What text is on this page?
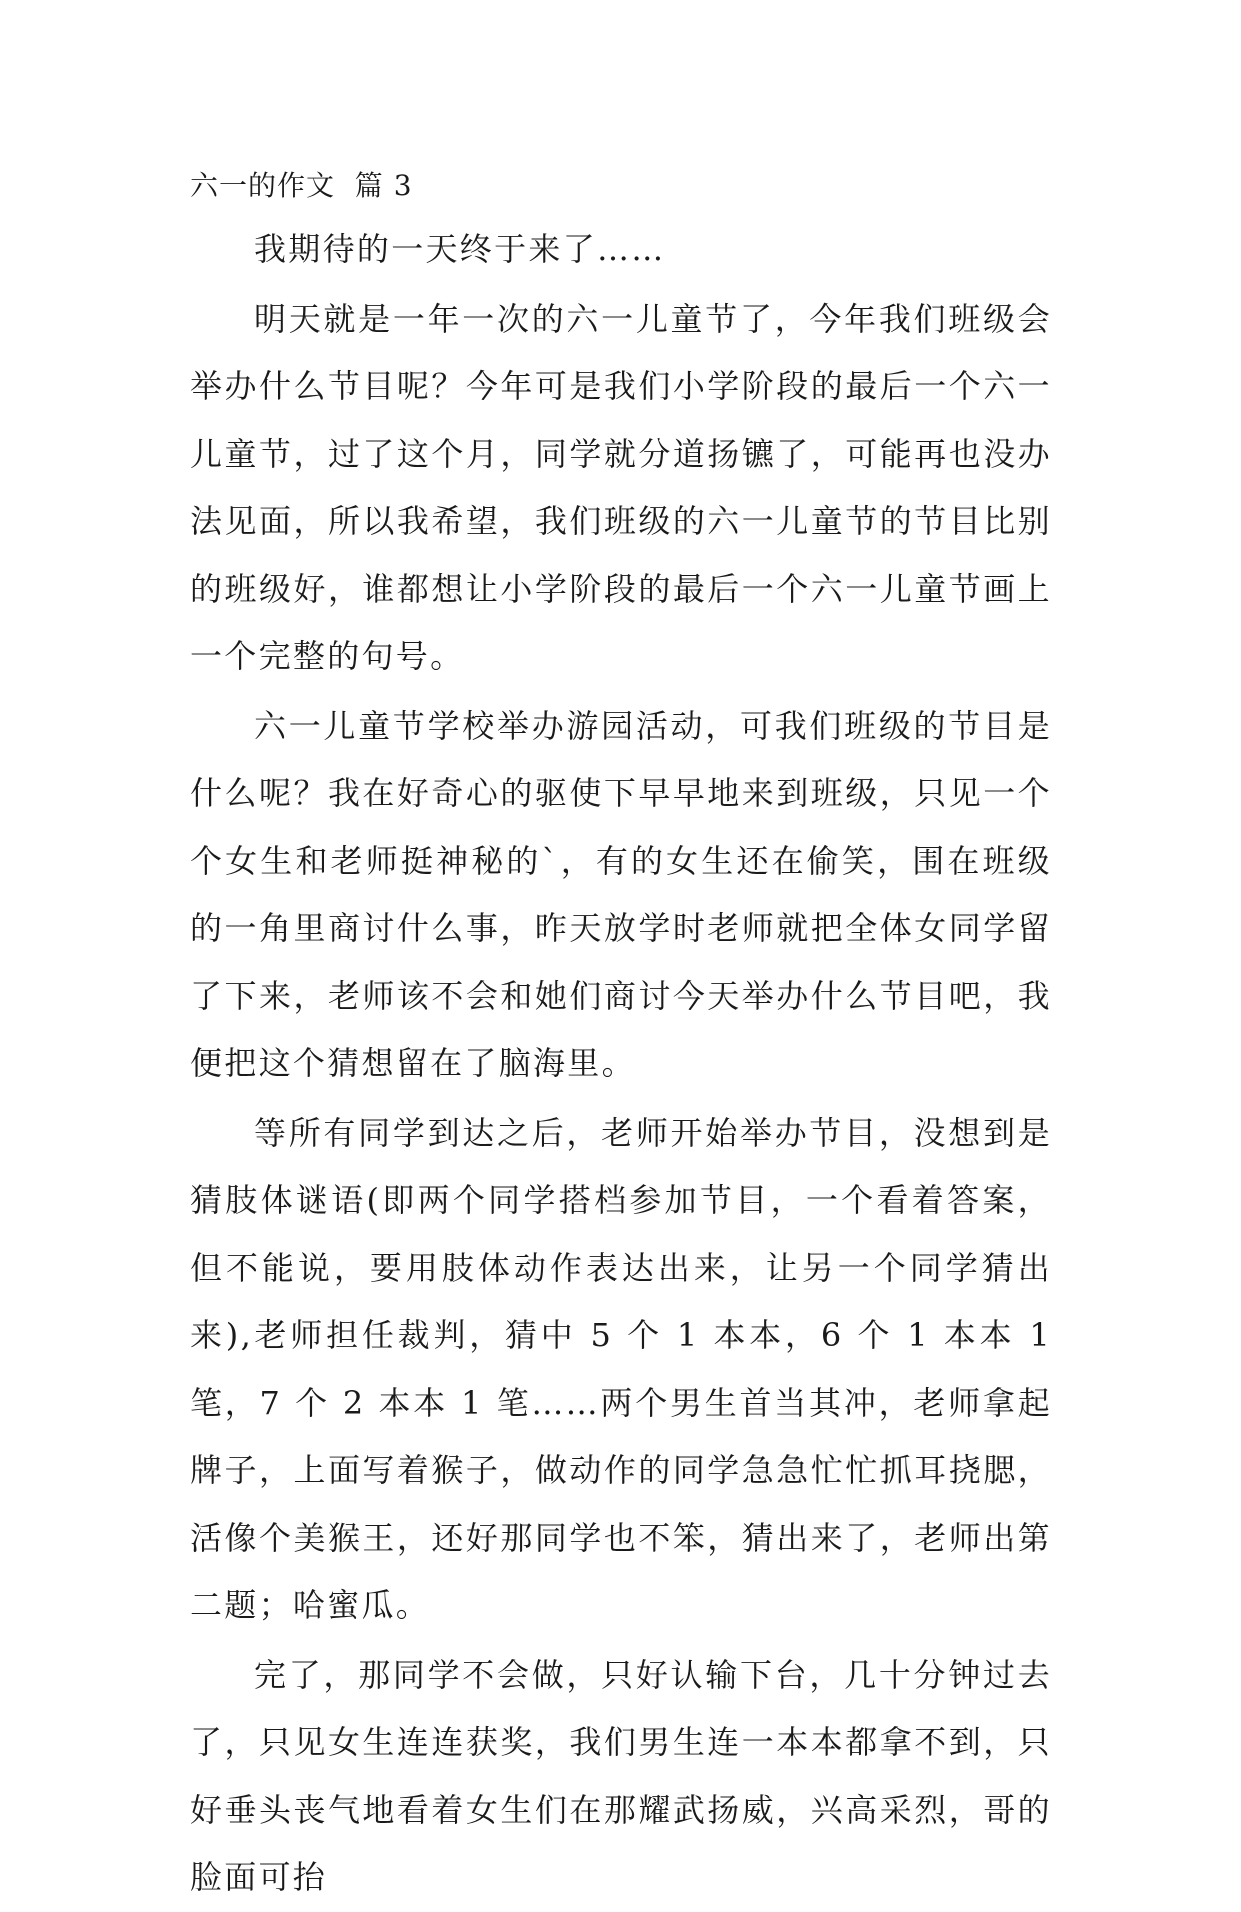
六一的作文  篇 3

我期待的一天终于来了……

明天就是一年一次的六一儿童节了，今年我们班级会举办什么节目呢？今年可是我们小学阶段的最后一个六一儿童节，过了这个月，同学就分道扬镳了，可能再也没办法见面，所以我希望，我们班级的六一儿童节的节目比别的班级好，谁都想让小学阶段的最后一个六一儿童节画上一个完整的句号。

六一儿童节学校举办游园活动，可我们班级的节目是什么呢？我在好奇心的驱使下早早地来到班级，只见一个个女生和老师挺神秘的`，有的女生还在偷笑，围在班级的一角里商讨什么事，昨天放学时老师就把全体女同学留了下来，老师该不会和她们商讨今天举办什么节目吧，我便把这个猜想留在了脑海里。

等所有同学到达之后，老师开始举办节目，没想到是猜肢体谜语(即两个同学搭档参加节目，一个看着答案，但不能说，要用肢体动作表达出来，让另一个同学猜出来),老师担任裁判，猜中 5 个 1 本本，6 个 1 本本 1 笔，7 个 2 本本 1 笔……两个男生首当其冲，老师拿起牌子，上面写着猴子，做动作的同学急急忙忙抓耳挠腮，活像个美猴王，还好那同学也不笨，猜出来了，老师出第二题；哈蜜瓜。

完了，那同学不会做，只好认输下台，几十分钟过去了，只见女生连连获奖，我们男生连一本本都拿不到，只好垂头丧气地看着女生们在那耀武扬威，兴高采烈，哥的脸面可抬
